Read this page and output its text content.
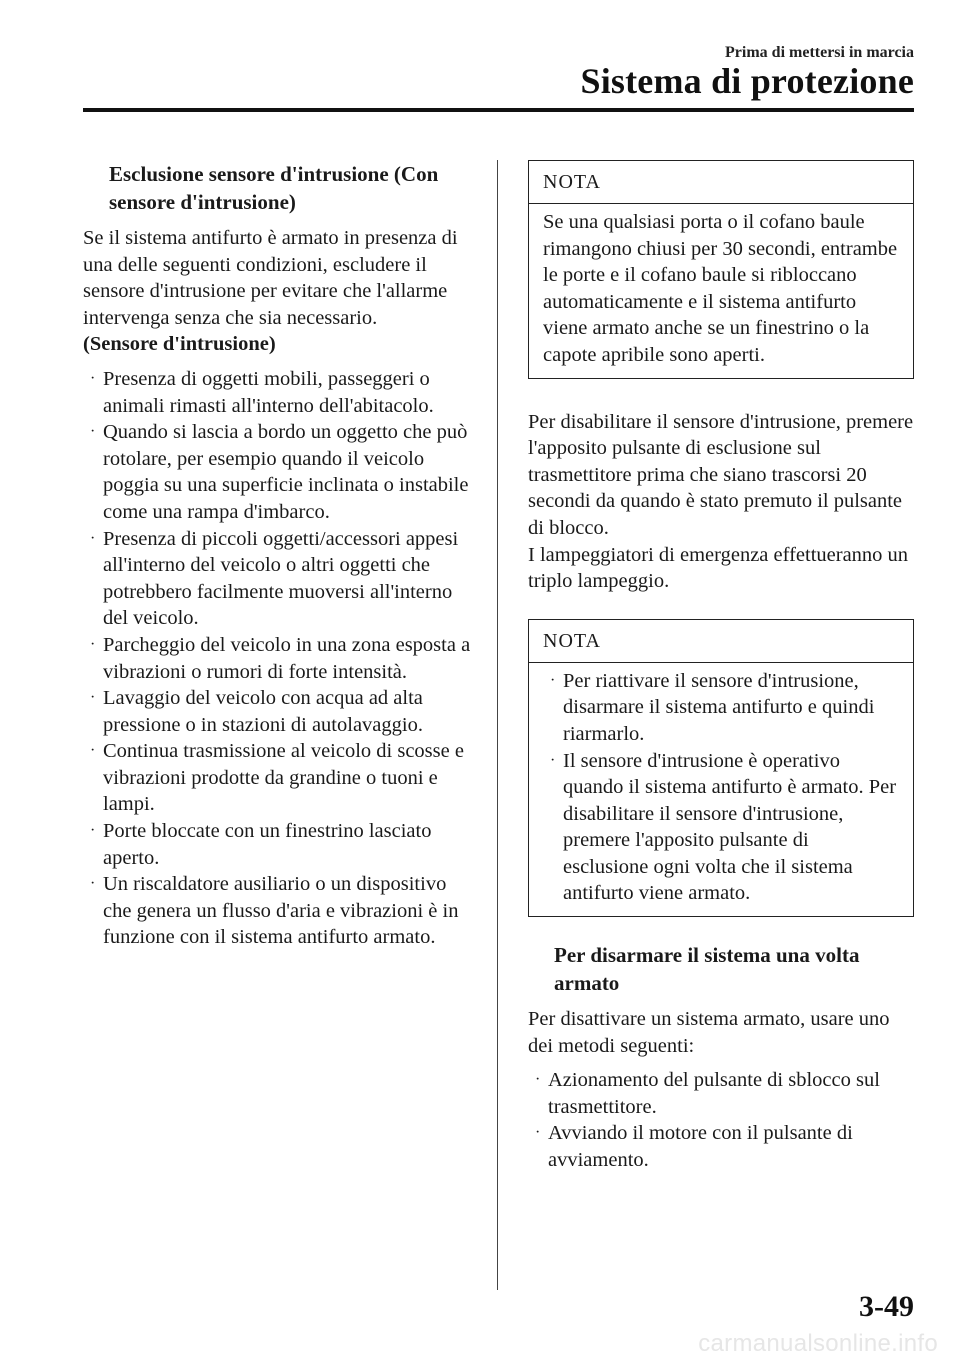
Prima di mettersi in marcia
Sistema di protezione
Esclusione sensore d'intrusione (Con sensore d'intrusione)

Se il sistema antifurto è armato in presenza di una delle seguenti condizioni, escludere il sensore d'intrusione per evitare che l'allarme intervenga senza che sia necessario.

(Sensore d'intrusione)

· Presenza di oggetti mobili, passeggeri o animali rimasti all'interno dell'abitacolo.
· Quando si lascia a bordo un oggetto che può rotolare, per esempio quando il veicolo poggia su una superficie inclinata o instabile come una rampa d'imbarco.
· Presenza di piccoli oggetti/accessori appesi all'interno del veicolo o altri oggetti che potrebbero facilmente muoversi all'interno del veicolo.
· Parcheggio del veicolo in una zona esposta a vibrazioni o rumori di forte intensità.
· Lavaggio del veicolo con acqua ad alta pressione o in stazioni di autolavaggio.
· Continua trasmissione al veicolo di scosse e vibrazioni prodotte da grandine o tuoni e lampi.
· Porte bloccate con un finestrino lasciato aperto.
· Un riscaldatore ausiliario o un dispositivo che genera un flusso d'aria e vibrazioni è in funzione con il sistema antifurto armato.
NOTA

Se una qualsiasi porta o il cofano baule rimangono chiusi per 30 secondi, entrambe le porte e il cofano baule si ribloccano automaticamente e il sistema antifurto viene armato anche se un finestrino o la capote apribile sono aperti.

Per disabilitare il sensore d'intrusione, premere l'apposito pulsante di esclusione sul trasmettitore prima che siano trascorsi 20 secondi da quando è stato premuto il pulsante di blocco.

I lampeggiatori di emergenza effettueranno un triplo lampeggio.

NOTA
· Per riattivare il sensore d'intrusione, disarmare il sistema antifurto e quindi riarmarlo.
· Il sensore d'intrusione è operativo quando il sistema antifurto è armato. Per disabilitare il sensore d'intrusione, premere l'apposito pulsante di esclusione ogni volta che il sistema antifurto viene armato.
Per disarmare il sistema una volta armato

Per disattivare un sistema armato, usare uno dei metodi seguenti:

· Azionamento del pulsante di sblocco sul trasmettitore.
· Avviando il motore con il pulsante di avviamento.
3-49
carmanualsonline.info
